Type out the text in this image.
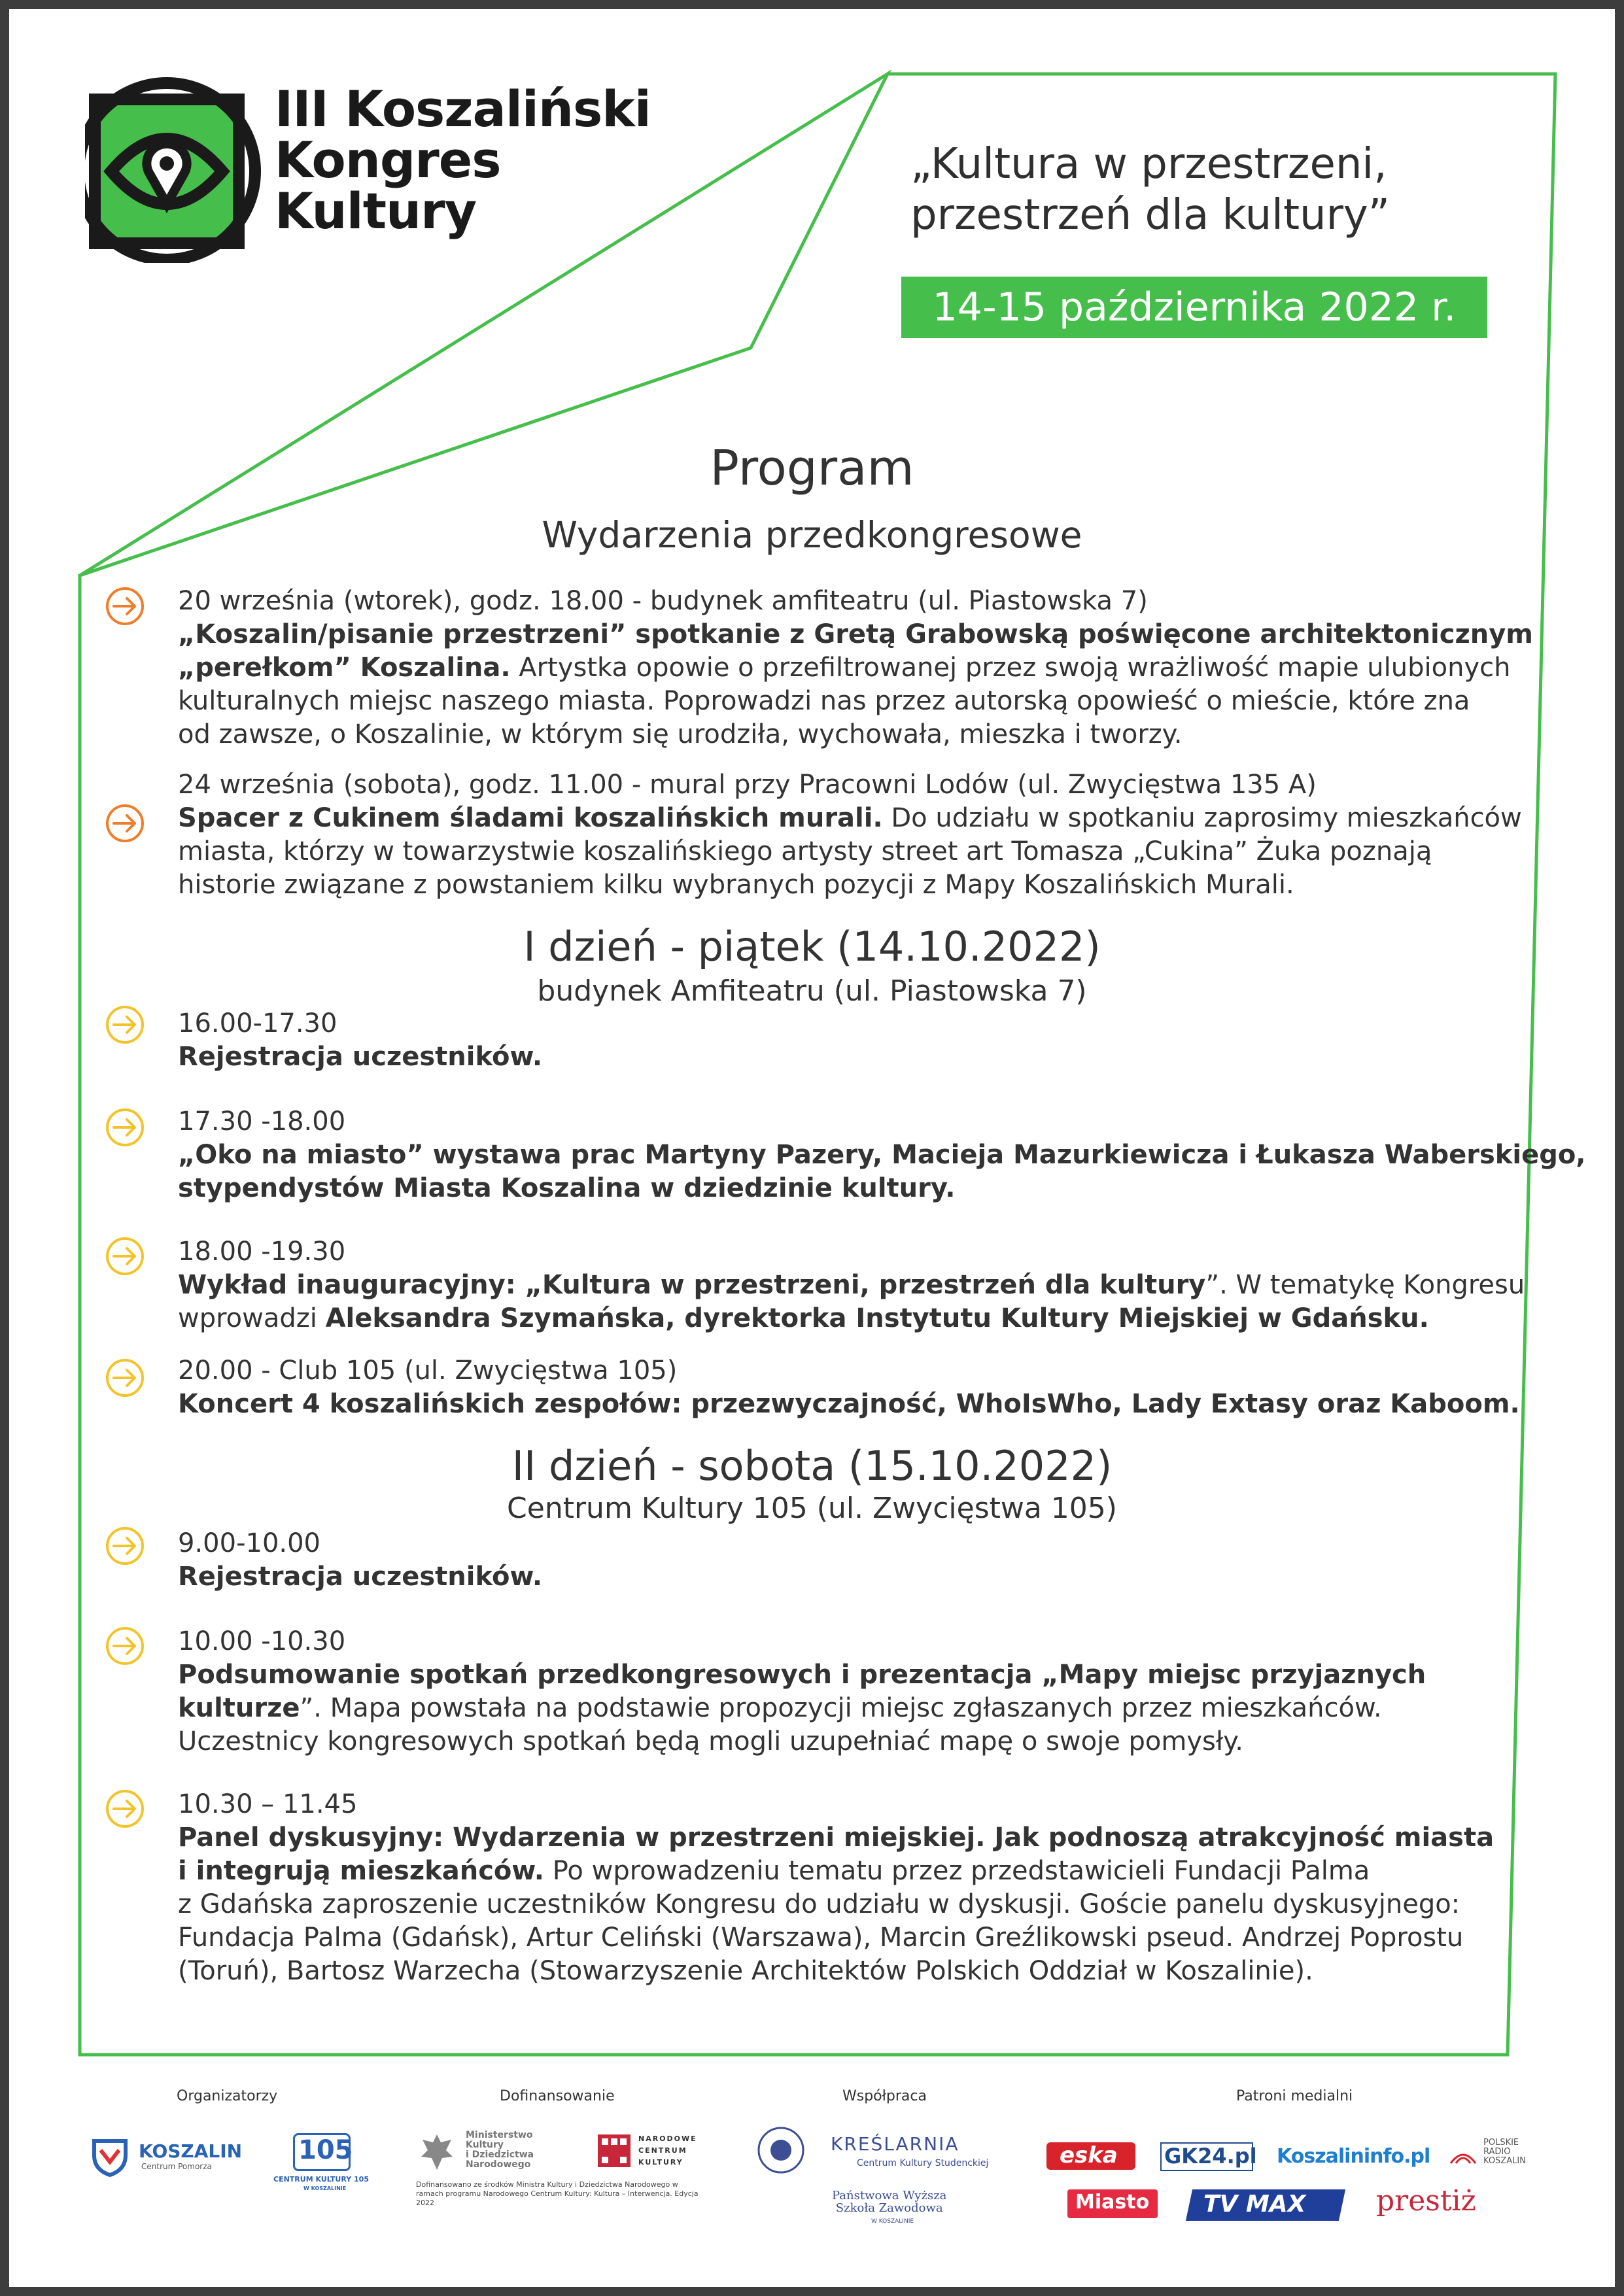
III Koszaliński
Kongres
Kultury
„Kultura w przestrzeni,
przestrzeń dla kultury”
14-15 października 2022 r.
Program
Wydarzenia przedkongresowe
20 września (wtorek), godz. 18.00 - budynek amfiteatru (ul. Piastowska 7)
„Koszalin/pisanie przestrzeni” spotkanie z Gretą Grabowską poświęcone architektonicznym
„perełkom” Koszalina. Artystka opowie o przefiltrowanej przez swoją wrażliwość mapie ulubionych
kulturalnych miejsc naszego miasta. Poprowadzi nas przez autorską opowieść o mieście, które zna
od zawsze, o Koszalinie, w którym się urodziła, wychowała, mieszka i tworzy.
24 września (sobota), godz. 11.00 - mural przy Pracowni Lodów (ul. Zwycięstwa 135 A)
Spacer z Cukinem śladami koszalińskich murali. Do udziału w spotkaniu zaprosimy mieszkańców
miasta, którzy w towarzystwie koszalińskiego artysty street art Tomasza „Cukina” Żuka poznają
historie związane z powstaniem kilku wybranych pozycji z Mapy Koszalińskich Murali.
I dzień - piątek (14.10.2022)
budynek Amfiteatru (ul. Piastowska 7)
16.00-17.30
Rejestracja uczestników.
17.30 -18.00
„Oko na miasto” wystawa prac Martyny Pazery, Macieja Mazurkiewicza i Łukasza Waberskiego,
stypendystów Miasta Koszalina w dziedzinie kultury.
18.00 -19.30
Wykład inauguracyjny: „Kultura w przestrzeni, przestrzeń dla kultury”. W tematykę Kongresu
wprowadzi Aleksandra Szymańska, dyrektorka Instytutu Kultury Miejskiej w Gdańsku.
20.00 - Club 105 (ul. Zwycięstwa 105)
Koncert 4 koszalińskich zespołów: przezwyczajność, WhoIsWho, Lady Extasy oraz Kaboom.
II dzień - sobota (15.10.2022)
Centrum Kultury 105 (ul. Zwycięstwa 105)
9.00-10.00
Rejestracja uczestników.
10.00 -10.30
Podsumowanie spotkań przedkongresowych i prezentacja „Mapy miejsc przyjaznych
kulturze”. Mapa powstała na podstawie propozycji miejsc zgłaszanych przez mieszkańców.
Uczestnicy kongresowych spotkań będą mogli uzupełniać mapę o swoje pomysły.
10.30 – 11.45
Panel dyskusyjny: Wydarzenia w przestrzeni miejskiej. Jak podnoszą atrakcyjność miasta
i integrują mieszkańców. Po wprowadzeniu tematu przez przedstawicieli Fundacji Palma
z Gdańska zaproszenie uczestników Kongresu do udziału w dyskusji. Goście panelu dyskusyjnego:
Fundacja Palma (Gdańsk), Artur Celiński (Warszawa), Marcin Greźlikowski pseud. Andrzej Poprostu
(Toruń), Bartosz Warzecha (Stowarzyszenie Architektów Polskich Oddział w Koszalinie).
Organizatorzy	Dofinansowanie	Współpraca	Patroni medialni
KOSZALIN
Centrum Pomorza
105
CENTRUM KULTURY 105
W KOSZALINIE
Ministerstwo
Kultury
i Dziedzictwa
Narodowego
NARODOWE
CENTRUM
KULTURY
Dofinansowano ze środków Ministra Kultury i Dziedzictwa Narodowego w ramach programu Narodowego Centrum Kultury: Kultura – Interwencja. Edycja 2022
KREŚLARNIA
Centrum Kultury Studenckiej
Państwowa Wyższa
Szkoła Zawodowa
W KOSZALINIE
eska GK24.pl Koszalininfo.pl
POLSKIE
RADIO
KOSZALIN
Miasto TV MAX prestiż
